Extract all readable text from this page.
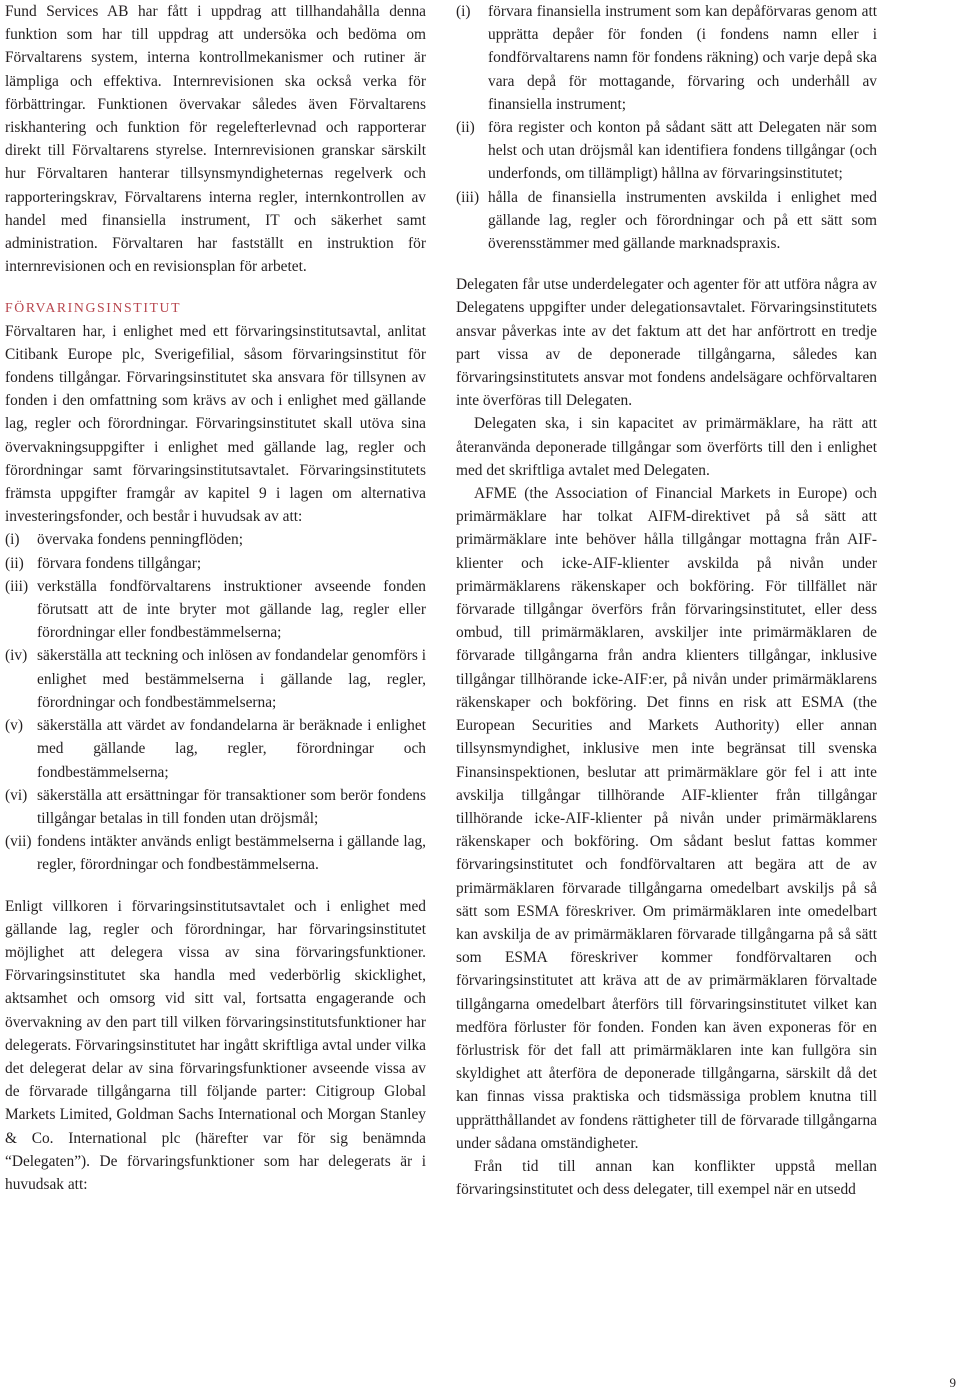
Fund Services AB har fått i uppdrag att tillhandahålla denna funktion som har till uppdrag att undersöka och bedöma om Förvaltarens system, interna kontrollmekanismer och rutiner är lämpliga och effektiva. Internrevisionen ska också verka för förbättringar. Funktionen övervakar således även Förvaltarens riskhantering och funktion för regelefterlevnad och rapporterar direkt till Förvaltarens styrelse. Internrevisionen granskar särskilt hur Förvaltaren hanterar tillsynsmyndigheternas regelverk och rapporteringskrav, Förvaltarens interna regler, internkontrollen av handel med finansiella instrument, IT och säkerhet samt administration. Förvaltaren har fastställt en instruktion för internrevisionen och en revisionsplan för arbetet.

FÖRVARINGSINSTITUT

Förvaltaren har, i enlighet med ett förvaringsinstitutsavtal, anlitat Citibank Europe plc, Sverigefilial, såsom förvaringsinstitut för fondens tillgångar. Förvaringsinstitutet ska ansvara för tillsynen av fonden i den omfattning som krävs av och i enlighet med gällande lag, regler och förordningar. Förvaringsinstitutet skall utöva sina övervakningsuppgifter i enlighet med gällande lag, regler och förordningar samt förvaringsinstitutsavtalet. Förvaringsinstitutets främsta uppgifter framgår av kapitel 9 i lagen om alternativa investeringsfonder, och består i huvudsak av att:

(i)	övervaka fondens penningflöden;
(ii) förvara fondens tillgångar;
(iii) verkställa fondförvaltarens instruktioner avseende fonden förutsatt att de inte bryter mot gällande lag, regler eller förordningar eller fondbestämmelserna;
(iv) säkerställa att teckning och inlösen av fondandelar genomförs i enlighet med bestämmelserna i gällande lag, regler, förordningar och fondbestämmelserna;
(v) säkerställa att värdet av fondandelarna är beräknade i enlighet med gällande lag, regler, förordningar och fondbestämmelserna;
(vi) säkerställa att ersättningar för transaktioner som berör fondens tillgångar betalas in till fonden utan dröjsmål;
(vii) fondens intäkter används enligt bestämmelserna i gällande lag, regler, förordningar och fondbestämmelserna.

Enligt villkoren i förvaringsinstitutsavtalet och i enlighet med gällande lag, regler och förordningar, har förvaringsinstitutet möjlighet att delegera vissa av sina förvaringsfunktioner. Förvaringsinstitutet ska handla med vederbörlig skicklighet, aktsamhet och omsorg vid sitt val, fortsatta engagerande och övervakning av den part till vilken förvaringsinstitutsfunktioner har delegerats. Förvaringsinstitutet har ingått skriftliga avtal under vilka det delegerat delar av sina förvaringsfunktioner avseende vissa av de förvarade tillgångarna till följande parter: Citigroup Global Markets Limited, Goldman Sachs International och Morgan Stanley & Co. International plc (härefter var för sig benämnda “Delegaten”). De förvaringsfunktioner som har delegerats är i huvudsak att:

(i)	förvara finansiella instrument som kan depåförvaras genom att upprätta depåer för fonden (i fondens namn eller i fondförvaltarens namn för fondens räkning) och varje depå ska vara depå för mottagande, förvaring och underhåll av finansiella instrument;
(ii) föra register och konton på sådant sätt att Delegaten när som helst och utan dröjsmål kan identifiera fondens tillgångar (och underfonds, om tillämpligt) hållna av förvaringsinstitutet;
(iii) hålla de finansiella instrumenten avskilda i enlighet med gällande lag, regler och förordningar och på ett sätt som överensstämmer med gällande marknadspraxis.

Delegaten får utse underdelegater och agenter för att utföra några av Delegatens uppgifter under delegationsavtalet. Förvaringsinstitutets ansvar påverkas inte av det faktum att det har anförtrott en tredje part vissa av de deponerade tillgångarna, således kan förvaringsinstitutets ansvar mot fondens andelsägare ochförvaltaren inte överföras till Delegaten.

Delegaten ska, i sin kapacitet av primärmäklare, ha rätt att återanvända deponerade tillgångar som överförts till den i enlighet med det skriftliga avtalet med Delegaten.

AFME (the Association of Financial Markets in Europe) och primärmäklare har tolkat AIFM-direktivet på så sätt att primärmäklare inte behöver hålla tillgångar mottagna från AIF-klienter och icke-AIF-klienter avskilda på nivån under primärmäklarens räkenskaper och bokföring. För tillfället när förvarade tillgångar överförs från förvaringsinstitutet, eller dess ombud, till primärmäklaren, avskiljer inte primärmäklaren de förvarade tillgångarna från andra klienters tillgångar, inklusive tillgångar tillhörande icke-AIF:er, på nivån under primärmäklarens räkenskaper och bokföring. Det finns en risk att ESMA (the European Securities and Markets Authority) eller annan tillsynsmyndighet, inklusive men inte begränsat till svenska Finansinspektionen, beslutar att primärmäklare gör fel i att inte avskilja tillgångar tillhörande AIF-klienter från tillgångar tillhörande icke-AIF-klienter på nivån under primärmäklarens räkenskaper och bokföring. Om sådant beslut fattas kommer förvaringsinstitutet och fondförvaltaren att begära att de av primärmäklaren förvarade tillgångarna omedelbart avskiljs på så sätt som ESMA föreskriver. Om primärmäklaren inte omedelbart kan avskilja de av primärmäklaren förvarade tillgångarna på så sätt som ESMA föreskriver kommer fondförvaltaren och förvaringsinstitutet att kräva att de av primärmäklaren förvaltade tillgångarna omedelbart återförs till förvaringsinstitutet vilket kan medföra förluster för fonden. Fonden kan även exponeras för en förlustrisk för det fall att primärmäklaren inte kan fullgöra sin skyldighet att återföra de deponerade tillgångarna, särskilt då det kan finnas vissa praktiska och tidsmässiga problem knutna till upprätthållandet av fondens rättigheter till de förvarade tillgångarna under sådana omständigheter.

Från tid till annan kan konflikter uppstå mellan förvaringsinstitutet och dess delegater, till exempel när en utsedd

9
